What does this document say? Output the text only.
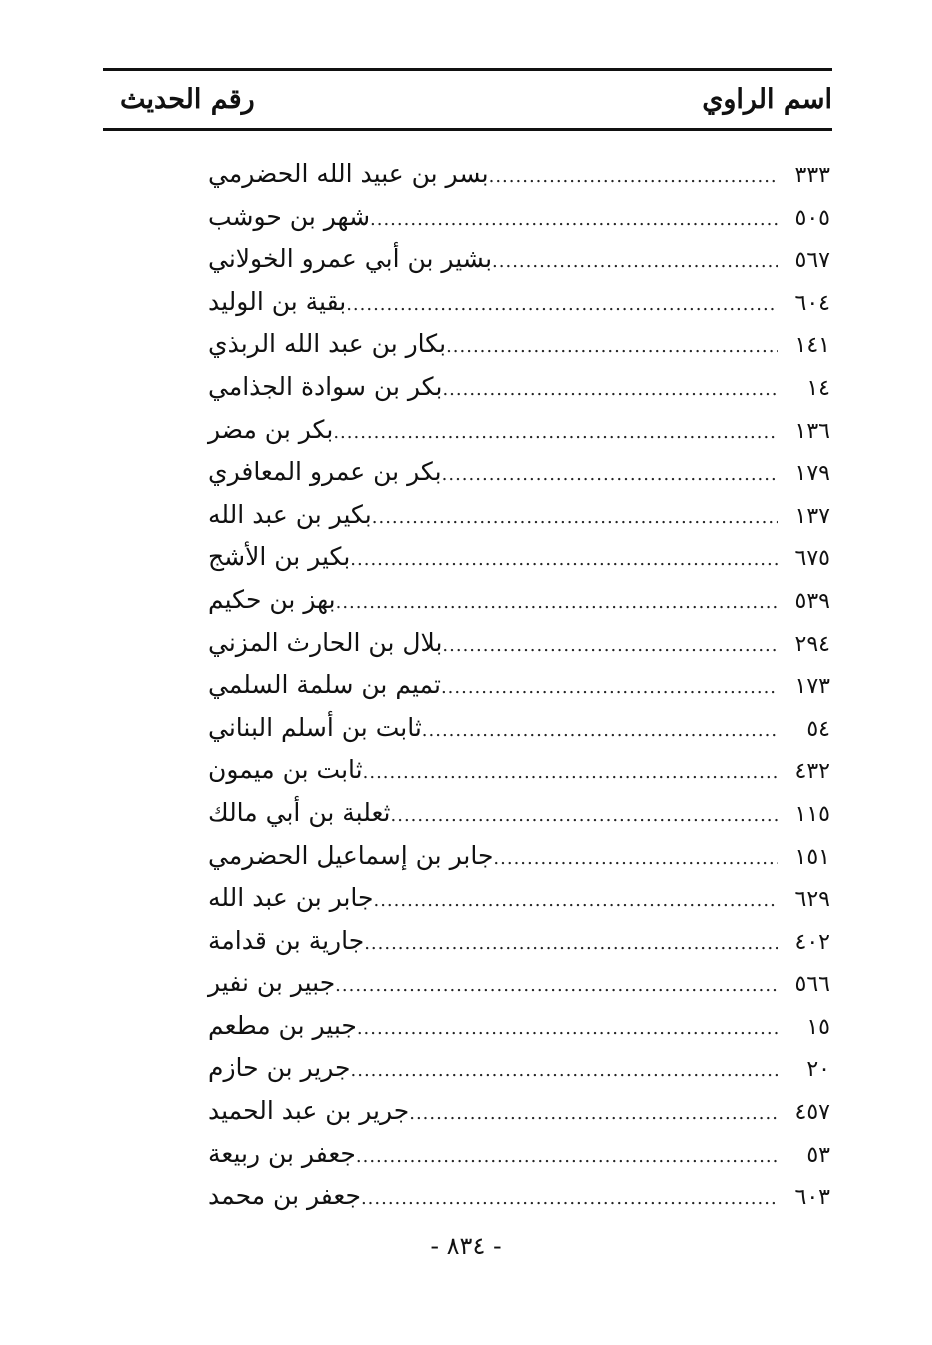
اسم الراوي
رقم الحديث
بسر بن عبيد الله الحضرمي .....	٣٣٣
شهر بن حوشب .....	٥٠٥
بشير بن أبي عمرو الخولاني .....	٥٦٧
بقية بن الوليد .....	٦٠٤
بكار بن عبد الله الربذي .....	١٤١
بكر بن سوادة الجذامي .....	١٤
بكر بن مضر .....	١٣٦
بكر بن عمرو المعافري .....	١٧٩
بكير بن عبد الله .....	١٣٧
بكير بن الأشج .....	٦٧٥
بهز بن حكيم .....	٥٣٩
بلال بن الحارث المزني .....	٢٩٤
تميم بن سلمة السلمي .....	١٧٣
ثابت بن أسلم البناني .....	٥٤
ثابت بن ميمون .....	٤٣٢
ثعلبة بن أبي مالك .....	١١٥
جابر بن إسماعيل الحضرمي .....	١٥١
جابر بن عبد الله .....	٦٢٩
جارية بن قدامة .....	٤٠٢
جبير بن نفير .....	٥٦٦
جبير بن مطعم .....	١٥
جرير بن حازم .....	٢٠
جرير بن عبد الحميد .....	٤٥٧
جعفر بن ربيعة .....	٥٣
جعفر بن محمد .....	٦٠٣
- ٨٣٤ -
